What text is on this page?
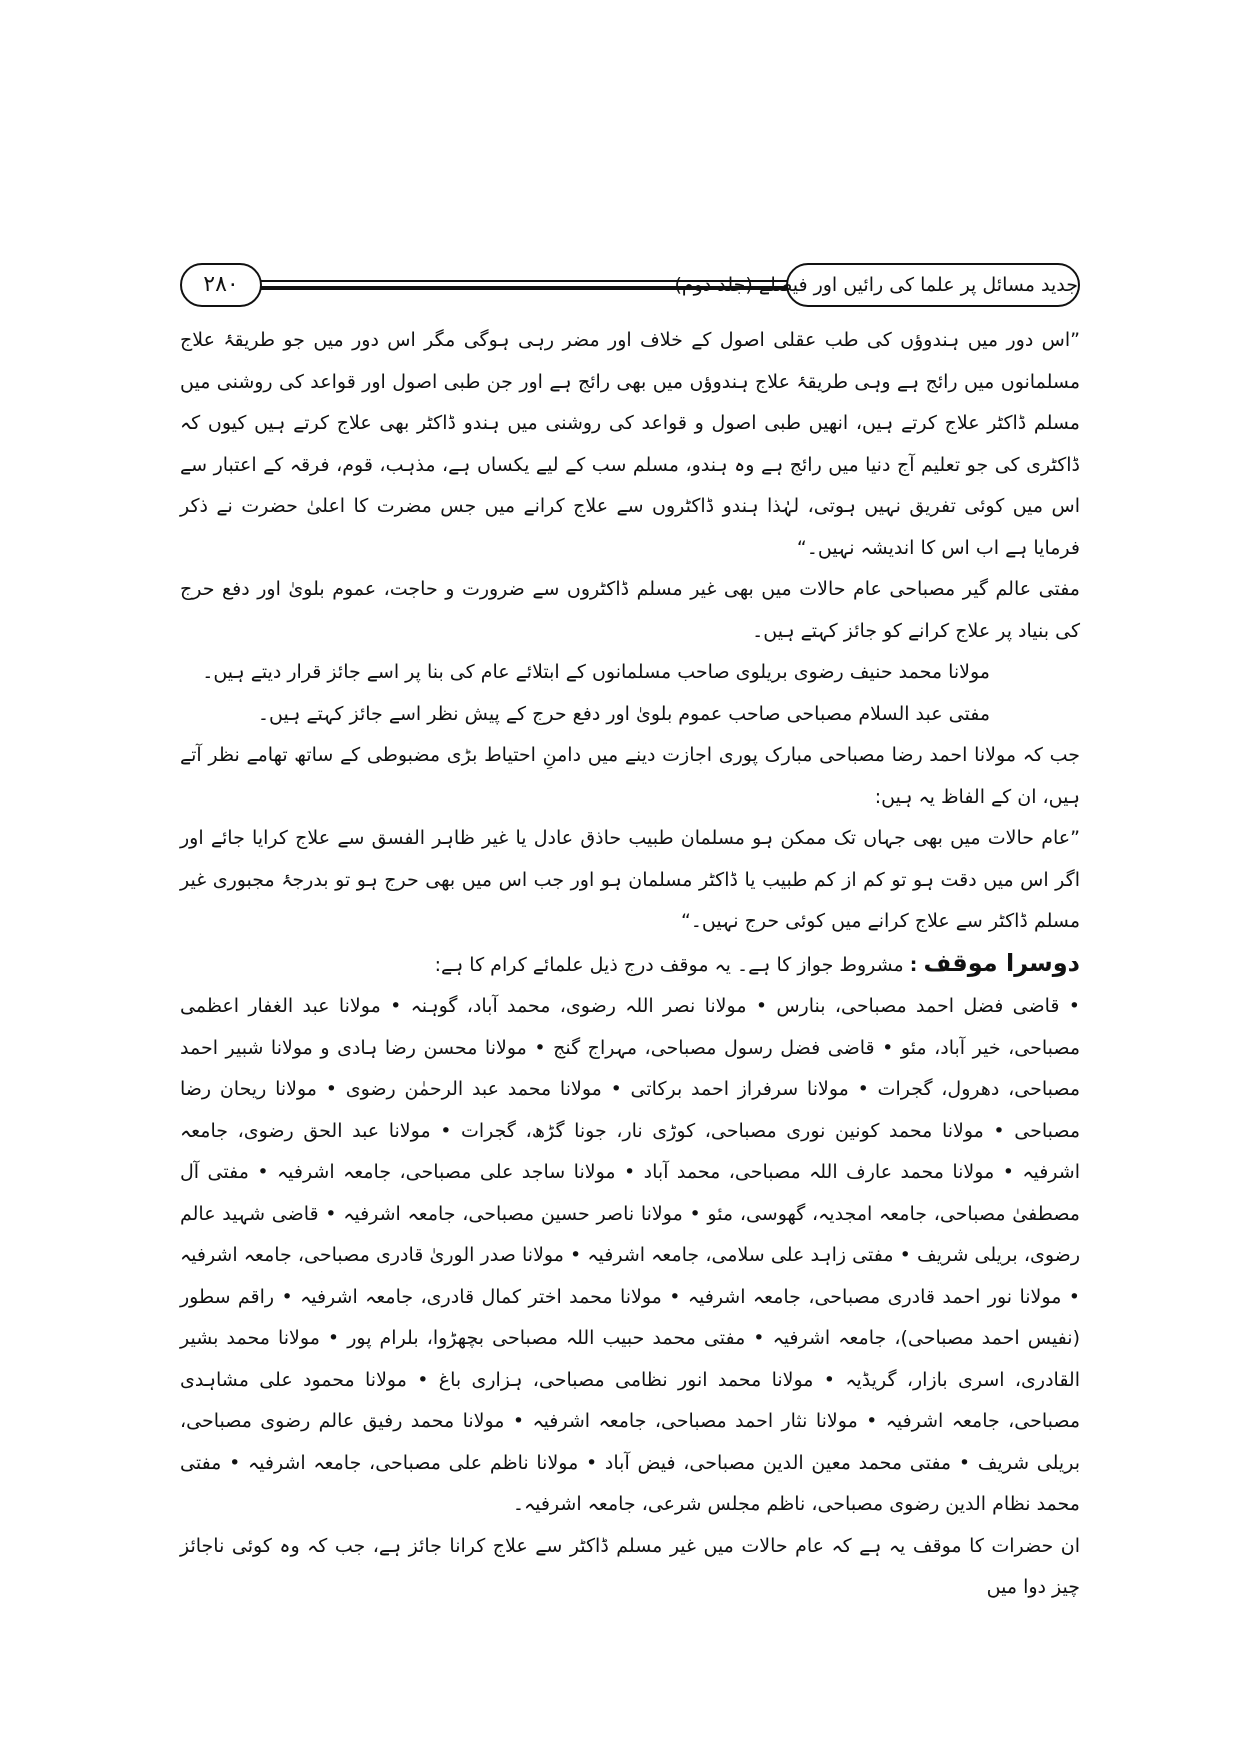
۲۸۰	جدید مسائل پر علما کی رائیں اور فیصلے (جلد دوم)

”اس دور میں ہندوؤں کی طب عقلی اصول کے خلاف اور مضر رہی ہوگی مگر اس دور میں جو طریقۂ علاج مسلمانوں میں رائج ہے وہی طریقۂ علاج ہندوؤں میں بھی رائج ہے اور جن طبی اصول اور قواعد کی روشنی میں مسلم ڈاکٹر علاج کرتے ہیں، انھیں طبی اصول و قواعد کی روشنی میں ہندو ڈاکٹر بھی علاج کرتے ہیں کیوں کہ ڈاکٹری کی جو تعلیم آج دنیا میں رائج ہے وہ ہندو، مسلم سب کے لیے یکساں ہے، مذہب، قوم، فرقہ کے اعتبار سے اس میں کوئی تفریق نہیں ہوتی، لہٰذا ہندو ڈاکٹروں سے علاج کرانے میں جس مضرت کا اعلیٰ حضرت نے ذکر فرمایا ہے اب اس کا اندیشہ نہیں۔“

مفتی عالم گیر مصباحی عام حالات میں بھی غیر مسلم ڈاکٹروں سے ضرورت و حاجت، عموم بلویٰ اور دفع حرج کی بنیاد پر علاج کرانے کو جائز کہتے ہیں۔

مولانا محمد حنیف رضوی بریلوی صاحب مسلمانوں کے ابتلائے عام کی بنا پر اسے جائز قرار دیتے ہیں۔

مفتی عبد السلام مصباحی صاحب عموم بلویٰ اور دفع حرج کے پیش نظر اسے جائز کہتے ہیں۔

جب کہ مولانا احمد رضا مصباحی مبارک پوری اجازت دینے میں دامنِ احتیاط بڑی مضبوطی کے ساتھ تھامے نظر آتے ہیں، ان کے الفاظ یہ ہیں:

”عام حالات میں بھی جہاں تک ممکن ہو مسلمان طبیب حاذق عادل یا غیر ظاہر الفسق سے علاج کرایا جائے اور اگر اس میں دقت ہو تو کم از کم طبیب یا ڈاکٹر مسلمان ہو اور جب اس میں بھی حرج ہو تو بدرجۂ مجبوری غیر مسلم ڈاکٹر سے علاج کرانے میں کوئی حرج نہیں۔“

دوسرا موقف : مشروط جواز کا ہے۔ یہ موقف درج ذیل علمائے کرام کا ہے:

• قاضی فضل احمد مصباحی، بنارس • مولانا نصر اللہ رضوی، محمد آباد، گوہنہ • مولانا عبد الغفار اعظمی مصباحی، خیر آباد، مئو • قاضی فضل رسول مصباحی، مہراج گنج • مولانا محسن رضا ہادی و مولانا شبیر احمد مصباحی، دھرول، گجرات • مولانا سرفراز احمد برکاتی • مولانا محمد عبد الرحمٰن رضوی • مولانا ریحان رضا مصباحی • مولانا محمد کونین نوری مصباحی، کوڑی نار، جونا گڑھ، گجرات • مولانا عبد الحق رضوی، جامعہ اشرفیہ • مولانا محمد عارف اللہ مصباحی، محمد آباد • مولانا ساجد علی مصباحی، جامعہ اشرفیہ • مفتی آل مصطفیٰ مصباحی، جامعہ امجدیہ، گھوسی، مئو • مولانا ناصر حسین مصباحی، جامعہ اشرفیہ • قاضی شہید عالم رضوی، بریلی شریف • مفتی زاہد علی سلامی، جامعہ اشرفیہ • مولانا صدر الوریٰ قادری مصباحی، جامعہ اشرفیہ • مولانا نور احمد قادری مصباحی، جامعہ اشرفیہ • مولانا محمد اختر کمال قادری، جامعہ اشرفیہ • راقم سطور (نفیس احمد مصباحی)، جامعہ اشرفیہ • مفتی محمد حبیب اللہ مصباحی بچھڑوا، بلرام پور • مولانا محمد بشیر القادری، اسری بازار، گریڈیہ • مولانا محمد انور نظامی مصباحی، ہزاری باغ • مولانا محمود علی مشاہدی مصباحی، جامعہ اشرفیہ • مولانا نثار احمد مصباحی، جامعہ اشرفیہ • مولانا محمد رفیق عالم رضوی مصباحی، بریلی شریف • مفتی محمد معین الدین مصباحی، فیض آباد • مولانا ناظم علی مصباحی، جامعہ اشرفیہ • مفتی محمد نظام الدین رضوی مصباحی، ناظم مجلس شرعی، جامعہ اشرفیہ۔

ان حضرات کا موقف یہ ہے کہ عام حالات میں غیر مسلم ڈاکٹر سے علاج کرانا جائز ہے، جب کہ وہ کوئی ناجائز چیز دوا میں
